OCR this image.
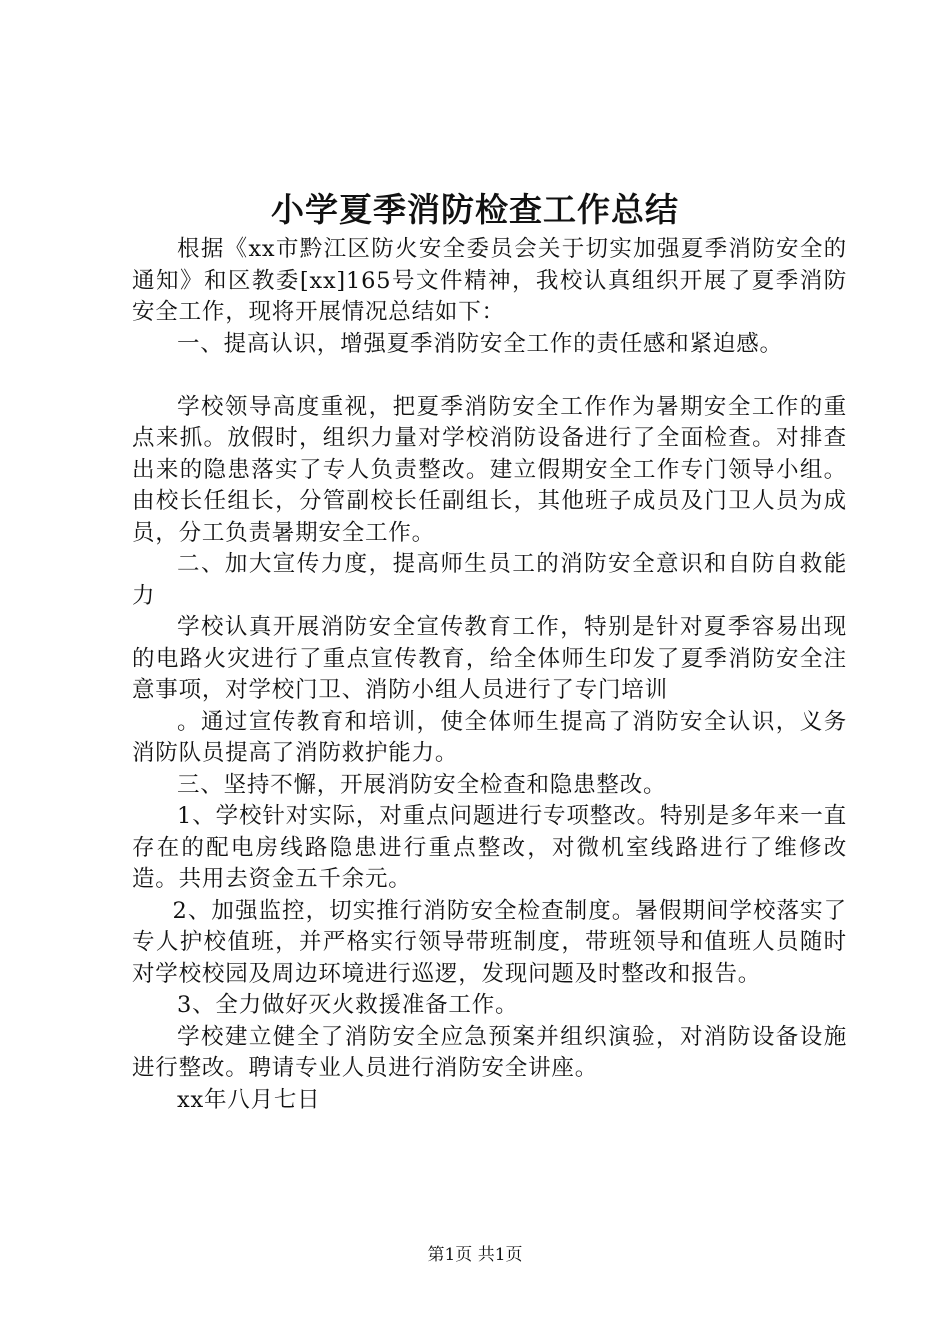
小学夏季消防检查工作总结

根据《xx市黔江区防火安全委员会关于切实加强夏季消防安全的通知》和区教委[xx]165号文件精神，我校认真组织开展了夏季消防安全工作，现将开展情况总结如下：

一、提高认识，增强夏季消防安全工作的责任感和紧迫感。

学校领导高度重视，把夏季消防安全工作作为暑期安全工作的重点来抓。放假时，组织力量对学校消防设备进行了全面检查。对排查出来的隐患落实了专人负责整改。建立假期安全工作专门领导小组。由校长任组长，分管副校长任副组长，其他班子成员及门卫人员为成员，分工负责暑期安全工作。

二、加大宣传力度，提高师生员工的消防安全意识和自防自救能力

学校认真开展消防安全宣传教育工作，特别是针对夏季容易出现的电路火灾进行了重点宣传教育，给全体师生印发了夏季消防安全注意事项，对学校门卫、消防小组人员进行了专门培训

。通过宣传教育和培训，使全体师生提高了消防安全认识，义务消防队员提高了消防救护能力。

三、坚持不懈，开展消防安全检查和隐患整改。

1、学校针对实际，对重点问题进行专项整改。特别是多年来一直存在的配电房线路隐患进行重点整改，对微机室线路进行了维修改造。共用去资金五千余元。

2、加强监控，切实推行消防安全检查制度。暑假期间学校落实了专人护校值班，并严格实行领导带班制度，带班领导和值班人员随时对学校校园及周边环境进行巡逻，发现问题及时整改和报告。

3、全力做好灭火救援准备工作。

学校建立健全了消防安全应急预案并组织演验，对消防设备设施进行整改。聘请专业人员进行消防安全讲座。

xx年八月七日

第1页 共1页
